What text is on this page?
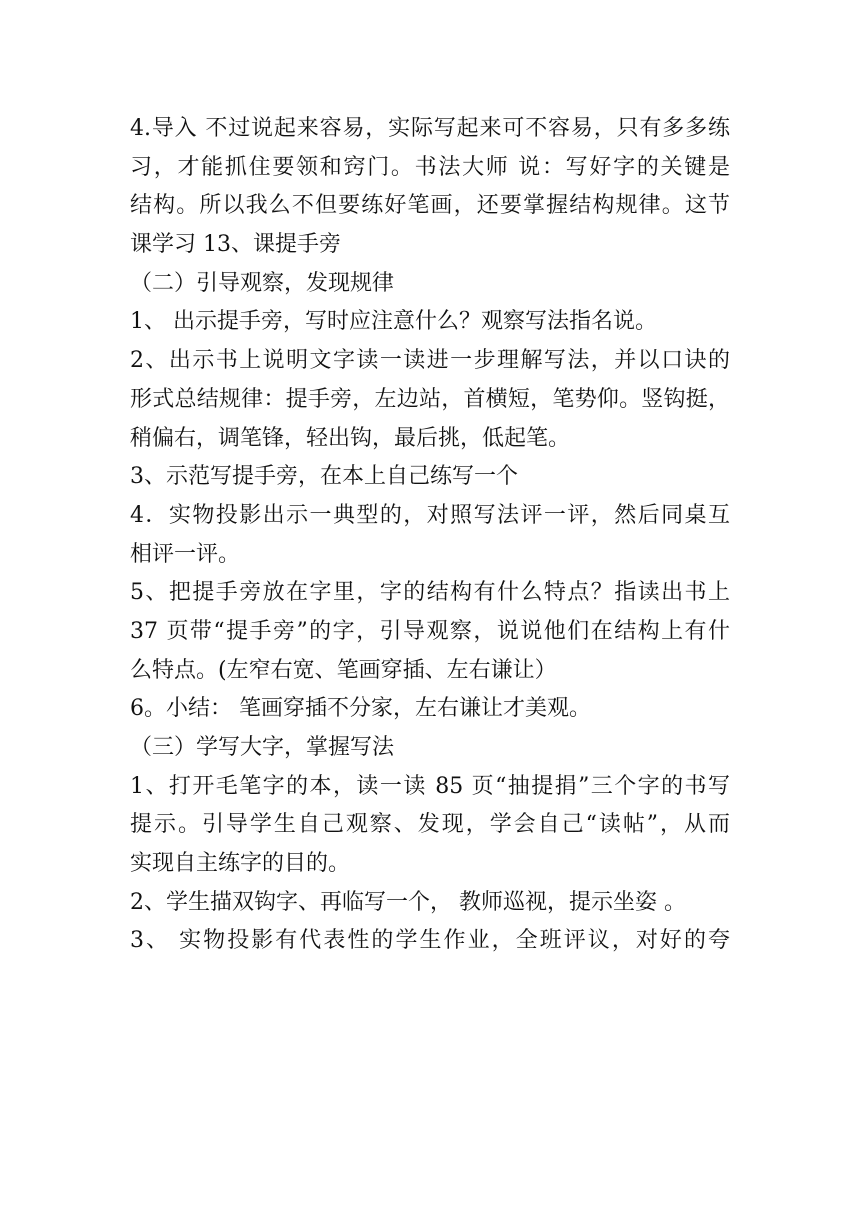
4.导入 不过说起来容易，实际写起来可不容易，只有多多练
习，才能抓住要领和窍门。书法大师 说：写好字的关键是
结构。所以我么不但要练好笔画，还要掌握结构规律。这节
课学习 13、课提手旁
（二）引导观察，发现规律
1、 出示提手旁，写时应注意什么？观察写法指名说。
2、出示书上说明文字读一读进一步理解写法，并以口诀的
形式总结规律：提手旁，左边站，首横短，笔势仰。竖钩挺，
稍偏右，调笔锋，轻出钩，最后挑，低起笔。
3、示范写提手旁，在本上自己练写一个
4．实物投影出示一典型的，对照写法评一评，然后同桌互
相评一评。
5、把提手旁放在字里，字的结构有什么特点？指读出书上
37 页带“提手旁”的字，引导观察，说说他们在结构上有什
么特点。(左窄右宽、笔画穿插、左右谦让）
6。小结： 笔画穿插不分家，左右谦让才美观。
（三）学写大字，掌握写法
1、打开毛笔字的本，读一读 85 页“抽提捐”三个字的书写
提示。引导学生自己观察、发现，学会自己“读帖”，从而
实现自主练字的目的。
2、学生描双钩字、再临写一个， 教师巡视，提示坐姿 。
3、 实物投影有代表性的学生作业，全班评议，对好的夸
